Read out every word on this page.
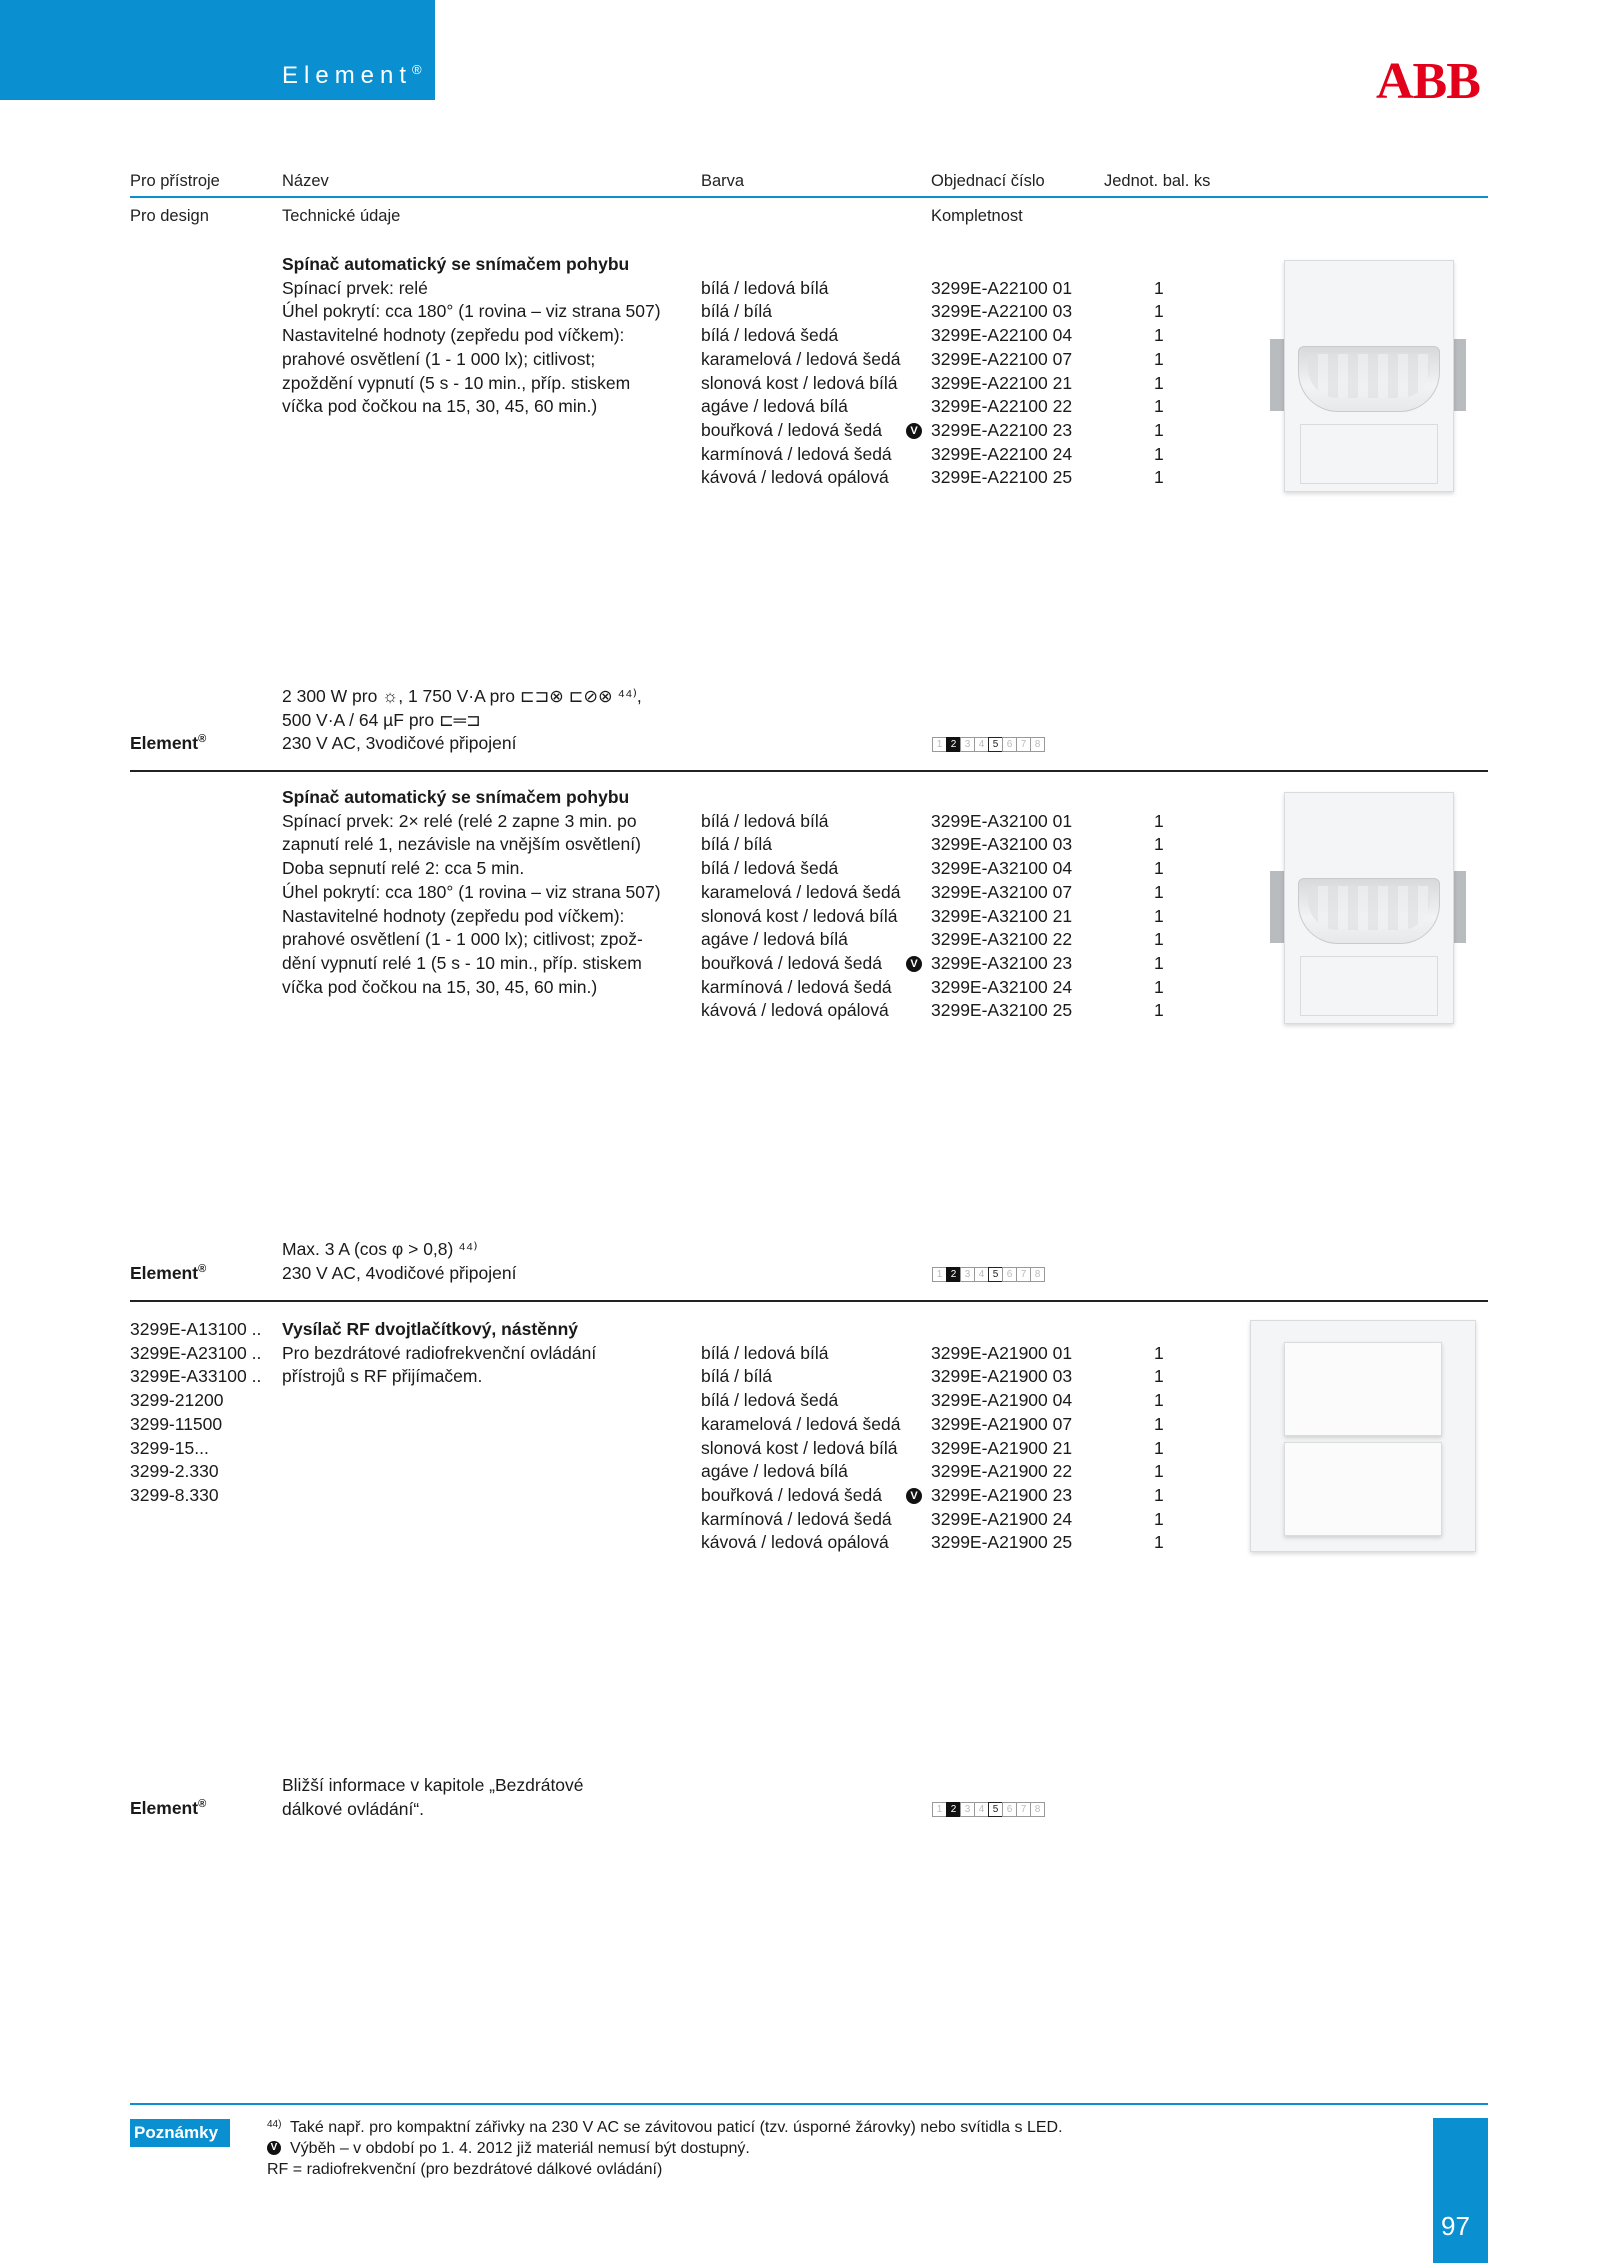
Element®	ABB
Pro přístroje	Název	Barva	Objednací číslo	Jednot. bal. ks
Pro design	Technické údaje	Kompletnost
Spínač automatický se snímačem pohybu
Spínací prvek: relé
Úhel pokrytí: cca 180° (1 rovina – viz strana 507)
Nastavitelné hodnoty (zepředu pod víčkem):
prahové osvětlení (1 - 1 000 lx); citlivost;
zpoždění vypnutí (5 s - 10 min., příp. stiskem
víčka pod čočkou na 15, 30, 45, 60 min.)
bílá / ledová bílá	3299E-A22100 01	1
bílá / bílá	3299E-A22100 03	1
bílá / ledová šedá	3299E-A22100 04	1
karamelová / ledová šedá 3299E-A22100 07	1
slonová kost / ledová bílá 3299E-A22100 21	1
agáve / ledová bílá	3299E-A22100 22	1
bouřková / ledová šedá	3299E-A22100 23	1
V
karmínová / ledová šedá 3299E-A22100 24	1
kávová / ledová opálová 3299E-A22100 25	1
2 300 W pro ☼, 1 750 V·A pro ⊏⊐⊗ ⊏⊘⊗ ⁴⁴⁾,
500 V·A / 64 µF pro ⊏═⊐
230 V AC, 3vodičové připojení
Element®	1 2 3 4 5 6 7 8
Spínač automatický se snímačem pohybu
Spínací prvek: 2× relé (relé 2 zapne 3 min. po
zapnutí relé 1, nezávisle na vnějším osvětlení)
Doba sepnutí relé 2: cca 5 min.
Úhel pokrytí: cca 180° (1 rovina – viz strana 507)
Nastavitelné hodnoty (zepředu pod víčkem):
prahové osvětlení (1 - 1 000 lx); citlivost; zpož-
dění vypnutí relé 1 (5 s - 10 min., příp. stiskem
víčka pod čočkou na 15, 30, 45, 60 min.)
bílá / ledová bílá	3299E-A32100 01	1
bílá / bílá	3299E-A32100 03	1
bílá / ledová šedá	3299E-A32100 04	1
karamelová / ledová šedá 3299E-A32100 07	1
slonová kost / ledová bílá 3299E-A32100 21	1
agáve / ledová bílá	3299E-A32100 22	1
bouřková / ledová šedá	3299E-A32100 23	1
V
karmínová / ledová šedá 3299E-A32100 24	1
kávová / ledová opálová 3299E-A32100 25	1
Max. 3 A (cos φ > 0,8) ⁴⁴⁾
230 V AC, 4vodičové připojení
Element®	1 2 3 4 5 6 7 8
Vysílač RF dvojtlačítkový, nástěnný
Pro bezdrátové radiofrekvenční ovládání
přístrojů s RF přijímačem.
3299E-A13100 ..
3299E-A23100 ..
3299E-A33100 ..
3299-21200
3299-11500
3299-15...
3299-2.330
3299-8.330
bílá / ledová bílá	3299E-A21900 01	1
bílá / bílá	3299E-A21900 03	1
bílá / ledová šedá	3299E-A21900 04	1
karamelová / ledová šedá 3299E-A21900 07	1
slonová kost / ledová bílá 3299E-A21900 21	1
agáve / ledová bílá	3299E-A21900 22	1
bouřková / ledová šedá	3299E-A21900 23	1
V
karmínová / ledová šedá 3299E-A21900 24	1
kávová / ledová opálová 3299E-A21900 25	1
Bližší informace v kapitole „Bezdrátové
dálkové ovládání“.
Element®	1 2 3 4 5 6 7 8
Poznámky	44) Také např. pro kompaktní zářivky na 230 V AC se závitovou paticí (tzv. úsporné žárovky) nebo svítidla s LED.
V Výběh – v období po 1. 4. 2012 již materiál nemusí být dostupný.
RF = radiofrekvenční (pro bezdrátové dálkové ovládání)
97
